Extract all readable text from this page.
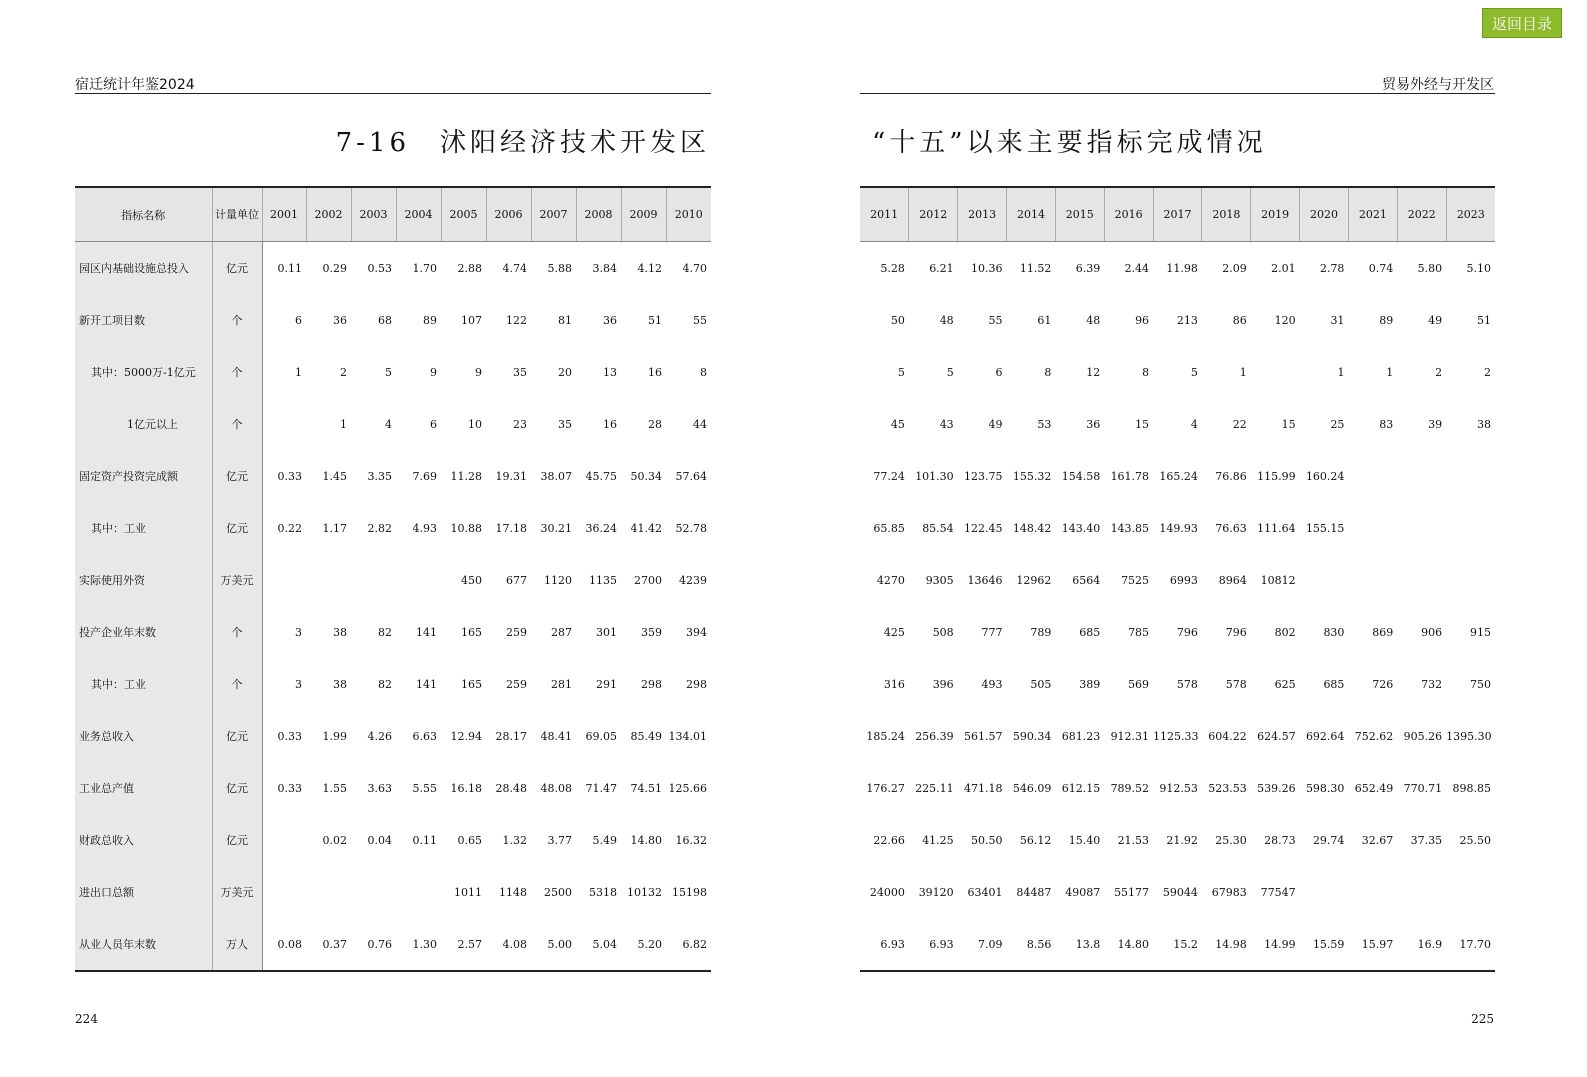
返回目录
宿迁统计年鉴2024	贸易外经与开发区
7-16　沭阳经济技术开发区	“十五”以来主要指标完成情况
指标名称	计量单位	2001	2002	2003	2004	2005	2006	2007	2008	2009	2010
园区内基础设施总投入	亿元	0.11	0.29	0.53	1.70	2.88	4.74	5.88	3.84	4.12	4.70
新开工项目数	个	6	36	68	89	107	122	81	36	51	55
其中：5000万-1亿元	个	1	2	5	9	9	35	20	13	16	8
1亿元以上	个		1	4	6	10	23	35	16	28	44
固定资产投资完成额	亿元	0.33	1.45	3.35	7.69	11.28	19.31	38.07	45.75	50.34	57.64
其中：工业	亿元	0.22	1.17	2.82	4.93	10.88	17.18	30.21	36.24	41.42	52.78
实际使用外资	万美元					450	677	1120	1135	2700	4239
投产企业年末数	个	3	38	82	141	165	259	287	301	359	394
其中：工业	个	3	38	82	141	165	259	281	291	298	298
业务总收入	亿元	0.33	1.99	4.26	6.63	12.94	28.17	48.41	69.05	85.49	134.01
工业总产值	亿元	0.33	1.55	3.63	5.55	16.18	28.48	48.08	71.47	74.51	125.66
财政总收入	亿元		0.02	0.04	0.11	0.65	1.32	3.77	5.49	14.80	16.32
进出口总额	万美元					1011	1148	2500	5318	10132	15198
从业人员年末数	万人	0.08	0.37	0.76	1.30	2.57	4.08	5.00	5.04	5.20	6.82
2011	2012	2013	2014	2015	2016	2017	2018	2019	2020	2021	2022	2023
5.28	6.21	10.36	11.52	6.39	2.44	11.98	2.09	2.01	2.78	0.74	5.80	5.10
50	48	55	61	48	96	213	86	120	31	89	49	51
5	5	6	8	12	8	5	1		1	1	2	2
45	43	49	53	36	15	4	22	15	25	83	39	38
77.24	101.30	123.75	155.32	154.58	161.78	165.24	76.86	115.99	160.24			
65.85	85.54	122.45	148.42	143.40	143.85	149.93	76.63	111.64	155.15			
4270	9305	13646	12962	6564	7525	6993	8964	10812				
425	508	777	789	685	785	796	796	802	830	869	906	915
316	396	493	505	389	569	578	578	625	685	726	732	750
185.24	256.39	561.57	590.34	681.23	912.31	1125.33	604.22	624.57	692.64	752.62	905.26	1395.30
176.27	225.11	471.18	546.09	612.15	789.52	912.53	523.53	539.26	598.30	652.49	770.71	898.85
22.66	41.25	50.50	56.12	15.40	21.53	21.92	25.30	28.73	29.74	32.67	37.35	25.50
24000	39120	63401	84487	49087	55177	59044	67983	77547				
6.93	6.93	7.09	8.56	13.8	14.80	15.2	14.98	14.99	15.59	15.97	16.9	17.70
224	225
